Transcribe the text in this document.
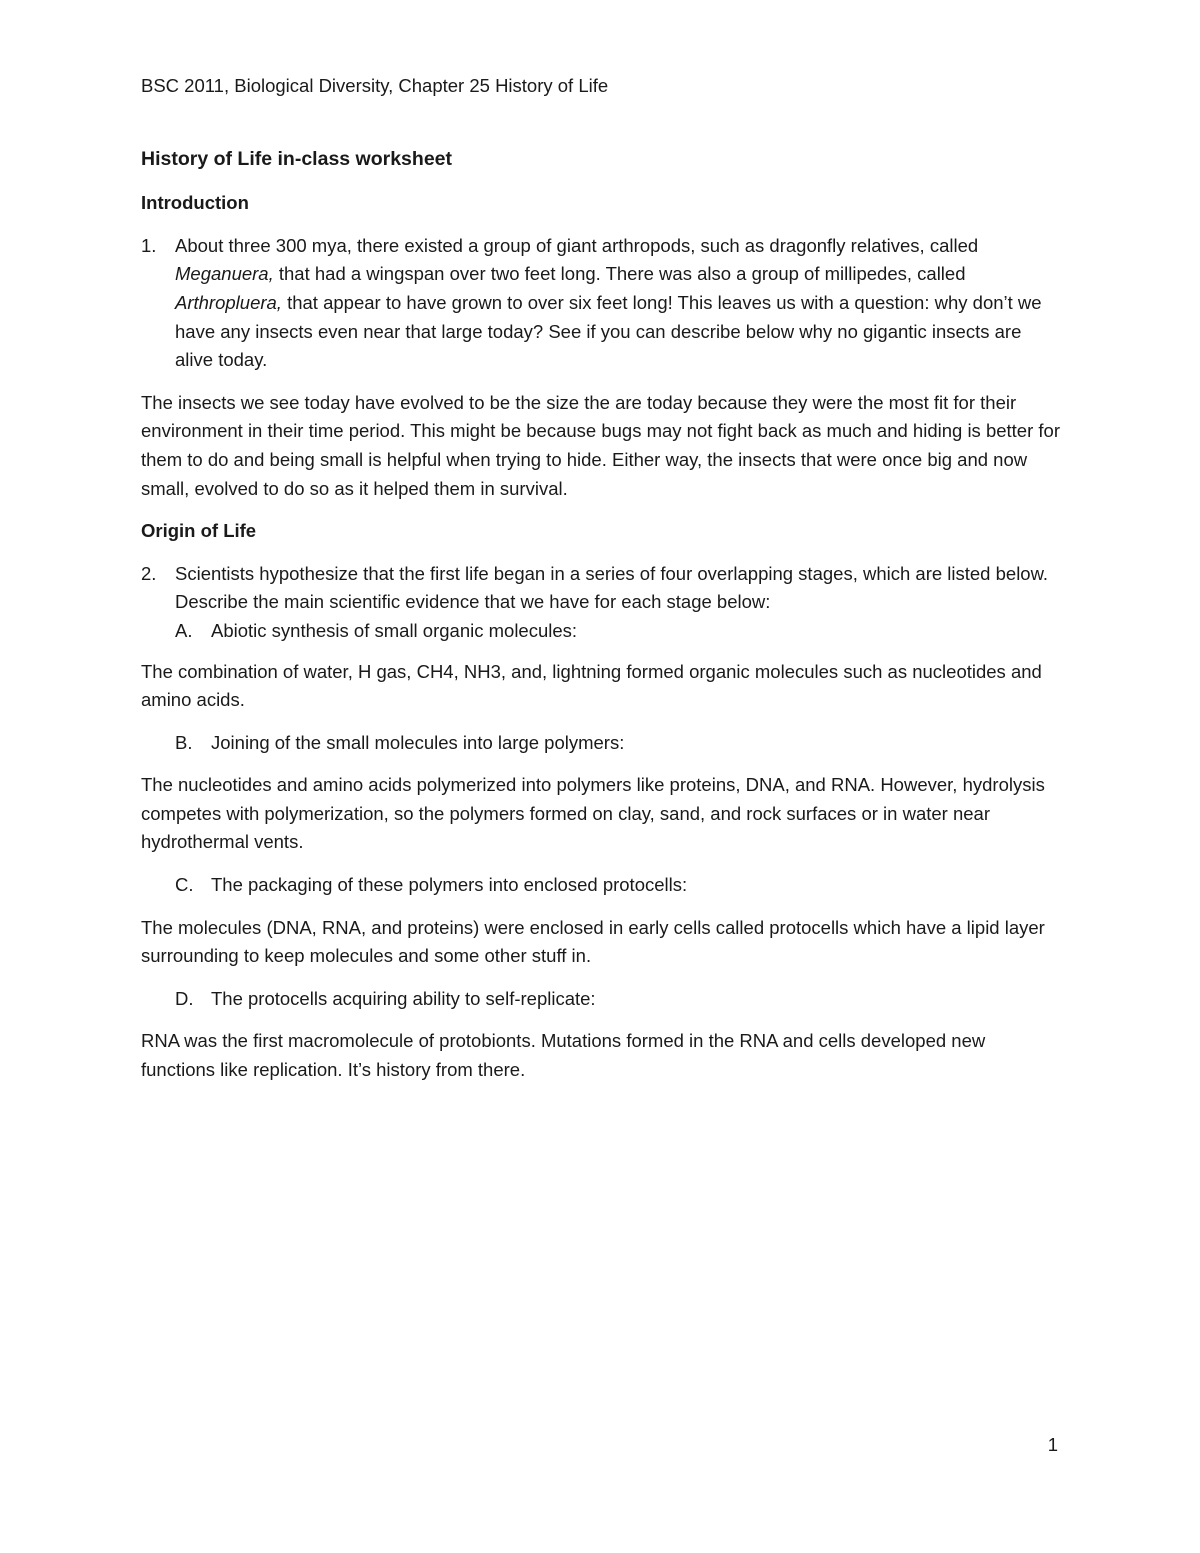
BSC 2011, Biological Diversity, Chapter 25 History of Life

History of Life in-class worksheet

Introduction

1.	About three 300 mya, there existed a group of giant arthropods, such as dragonfly relatives, called Meganuera, that had a wingspan over two feet long. There was also a group of millipedes, called Arthropluera, that appear to have grown to over six feet long! This leaves us with a question: why don’t we have any insects even near that large today? See if you can describe below why no gigantic insects are alive today.

The insects we see today have evolved to be the size the are today because they were the most fit for their environment in their time period. This might be because bugs may not fight back as much and hiding is better for them to do and being small is helpful when trying to hide. Either way, the insects that were once big and now small, evolved to do so as it helped them in survival.

Origin of Life

2.	Scientists hypothesize that the first life began in a series of four overlapping stages, which are listed below. Describe the main scientific evidence that we have for each stage below:
A.	Abiotic synthesis of small organic molecules:

The combination of water, H gas, CH4, NH3, and, lightning formed organic molecules such as nucleotides and amino acids.

B.	Joining of the small molecules into large polymers:

The nucleotides and amino acids polymerized into polymers like proteins, DNA, and RNA. However, hydrolysis competes with polymerization, so the polymers formed on clay, sand, and rock surfaces or in water near hydrothermal vents.

C. The packaging of these polymers into enclosed protocells:

The molecules (DNA, RNA, and proteins) were enclosed in early cells called protocells which have a lipid layer surrounding to keep molecules and some other stuff in.

D. The protocells acquiring ability to self-replicate:

RNA was the first macromolecule of protobionts. Mutations formed in the RNA and cells developed new functions like replication. It’s history from there.

1
